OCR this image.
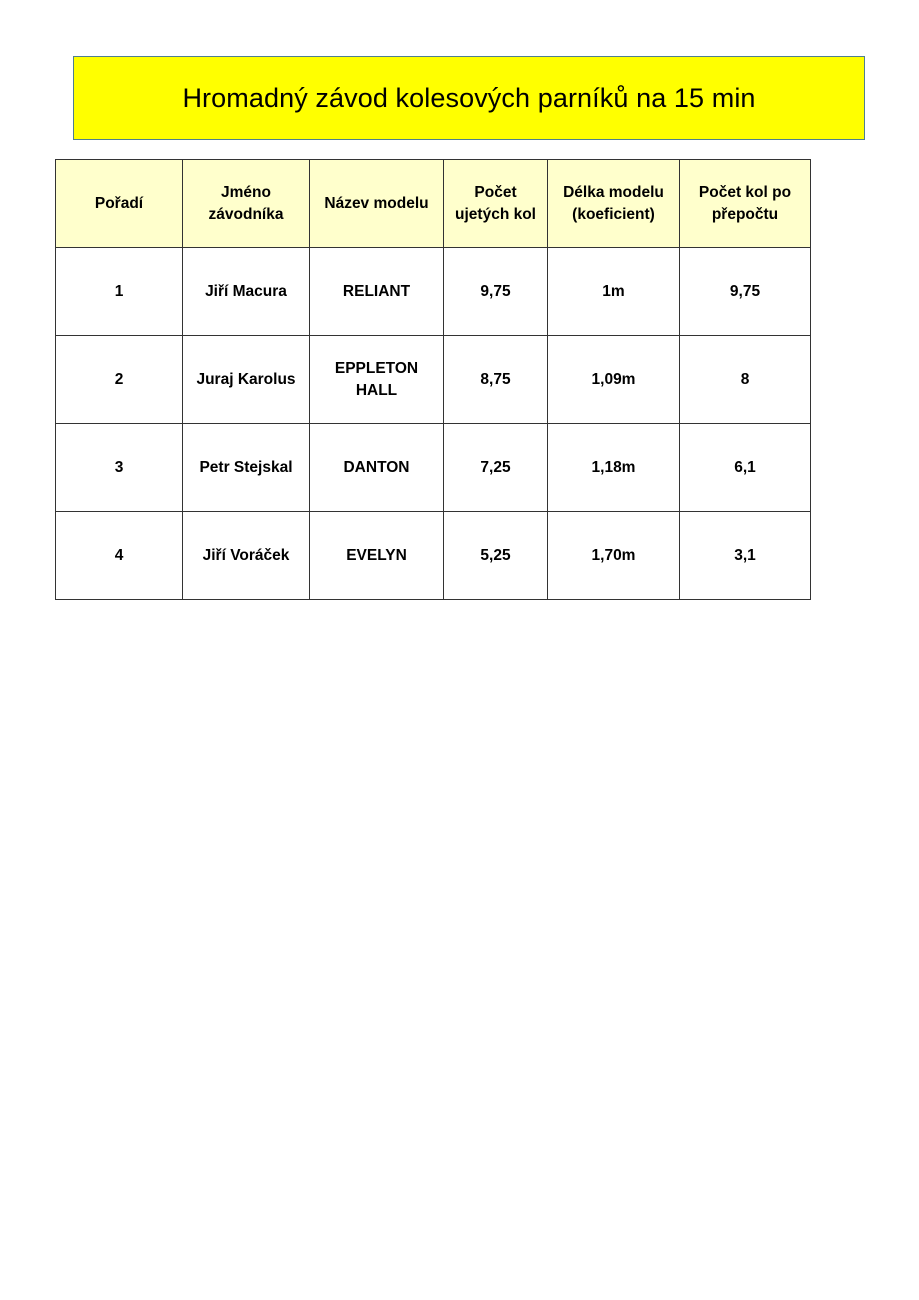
Hromadný závod kolesových parníků na 15 min
Pořadí	Jméno závodníka	Název modelu	Počet ujetých kol	Délka modelu (koeficient)	Počet kol po přepočtu
1	Jiří Macura	RELIANT	9,75	1m	9,75
2	Juraj Karolus	EPPLETON HALL	8,75	1,09m	8
3	Petr Stejskal	DANTON	7,25	1,18m	6,1
4	Jiří Voráček	EVELYN	5,25	1,70m	3,1
